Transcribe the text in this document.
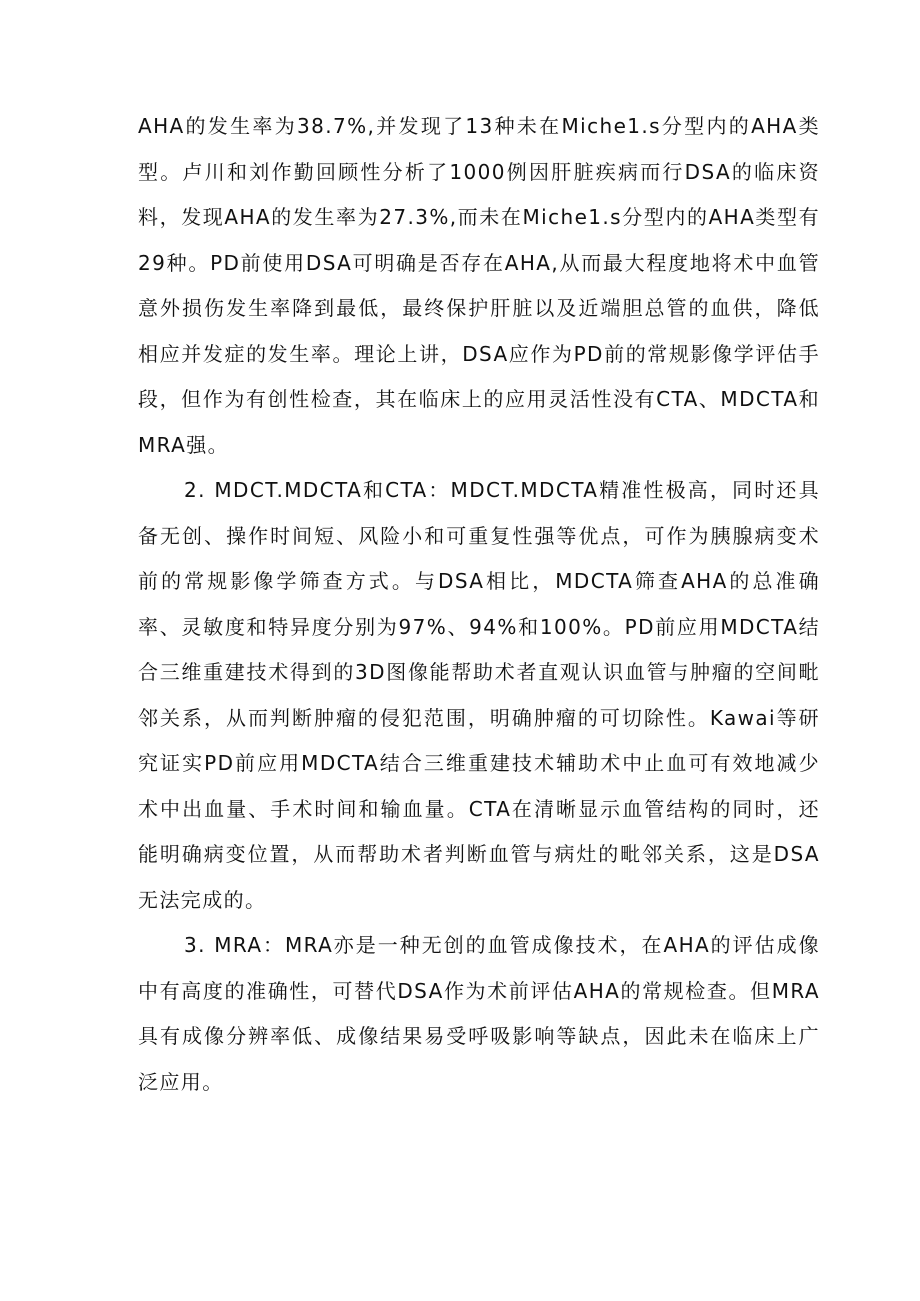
AHA的发生率为38.7%,并发现了13种未在Miche1.s分型内的AHA类型。卢川和刘作勤回顾性分析了1000例因肝脏疾病而行DSA的临床资料，发现AHA的发生率为27.3%,而未在Miche1.s分型内的AHA类型有29种。PD前使用DSA可明确是否存在AHA,从而最大程度地将术中血管意外损伤发生率降到最低，最终保护肝脏以及近端胆总管的血供，降低相应并发症的发生率。理论上讲，DSA应作为PD前的常规影像学评估手段，但作为有创性检查，其在临床上的应用灵活性没有CTA、MDCTA和MRA强。

2. MDCT.MDCTA和CTA：MDCT.MDCTA精准性极高，同时还具备无创、操作时间短、风险小和可重复性强等优点，可作为胰腺病变术前的常规影像学筛查方式。与DSA相比，MDCTA筛查AHA的总准确率、灵敏度和特异度分别为97%、94%和100%。PD前应用MDCTA结合三维重建技术得到的3D图像能帮助术者直观认识血管与肿瘤的空间毗邻关系，从而判断肿瘤的侵犯范围，明确肿瘤的可切除性。Kawai等研究证实PD前应用MDCTA结合三维重建技术辅助术中止血可有效地减少术中出血量、手术时间和输血量。CTA在清晰显示血管结构的同时，还能明确病变位置，从而帮助术者判断血管与病灶的毗邻关系，这是DSA无法完成的。

3. MRA：MRA亦是一种无创的血管成像技术，在AHA的评估成像中有高度的准确性，可替代DSA作为术前评估AHA的常规检查。但MRA具有成像分辨率低、成像结果易受呼吸影响等缺点，因此未在临床上广泛应用。
